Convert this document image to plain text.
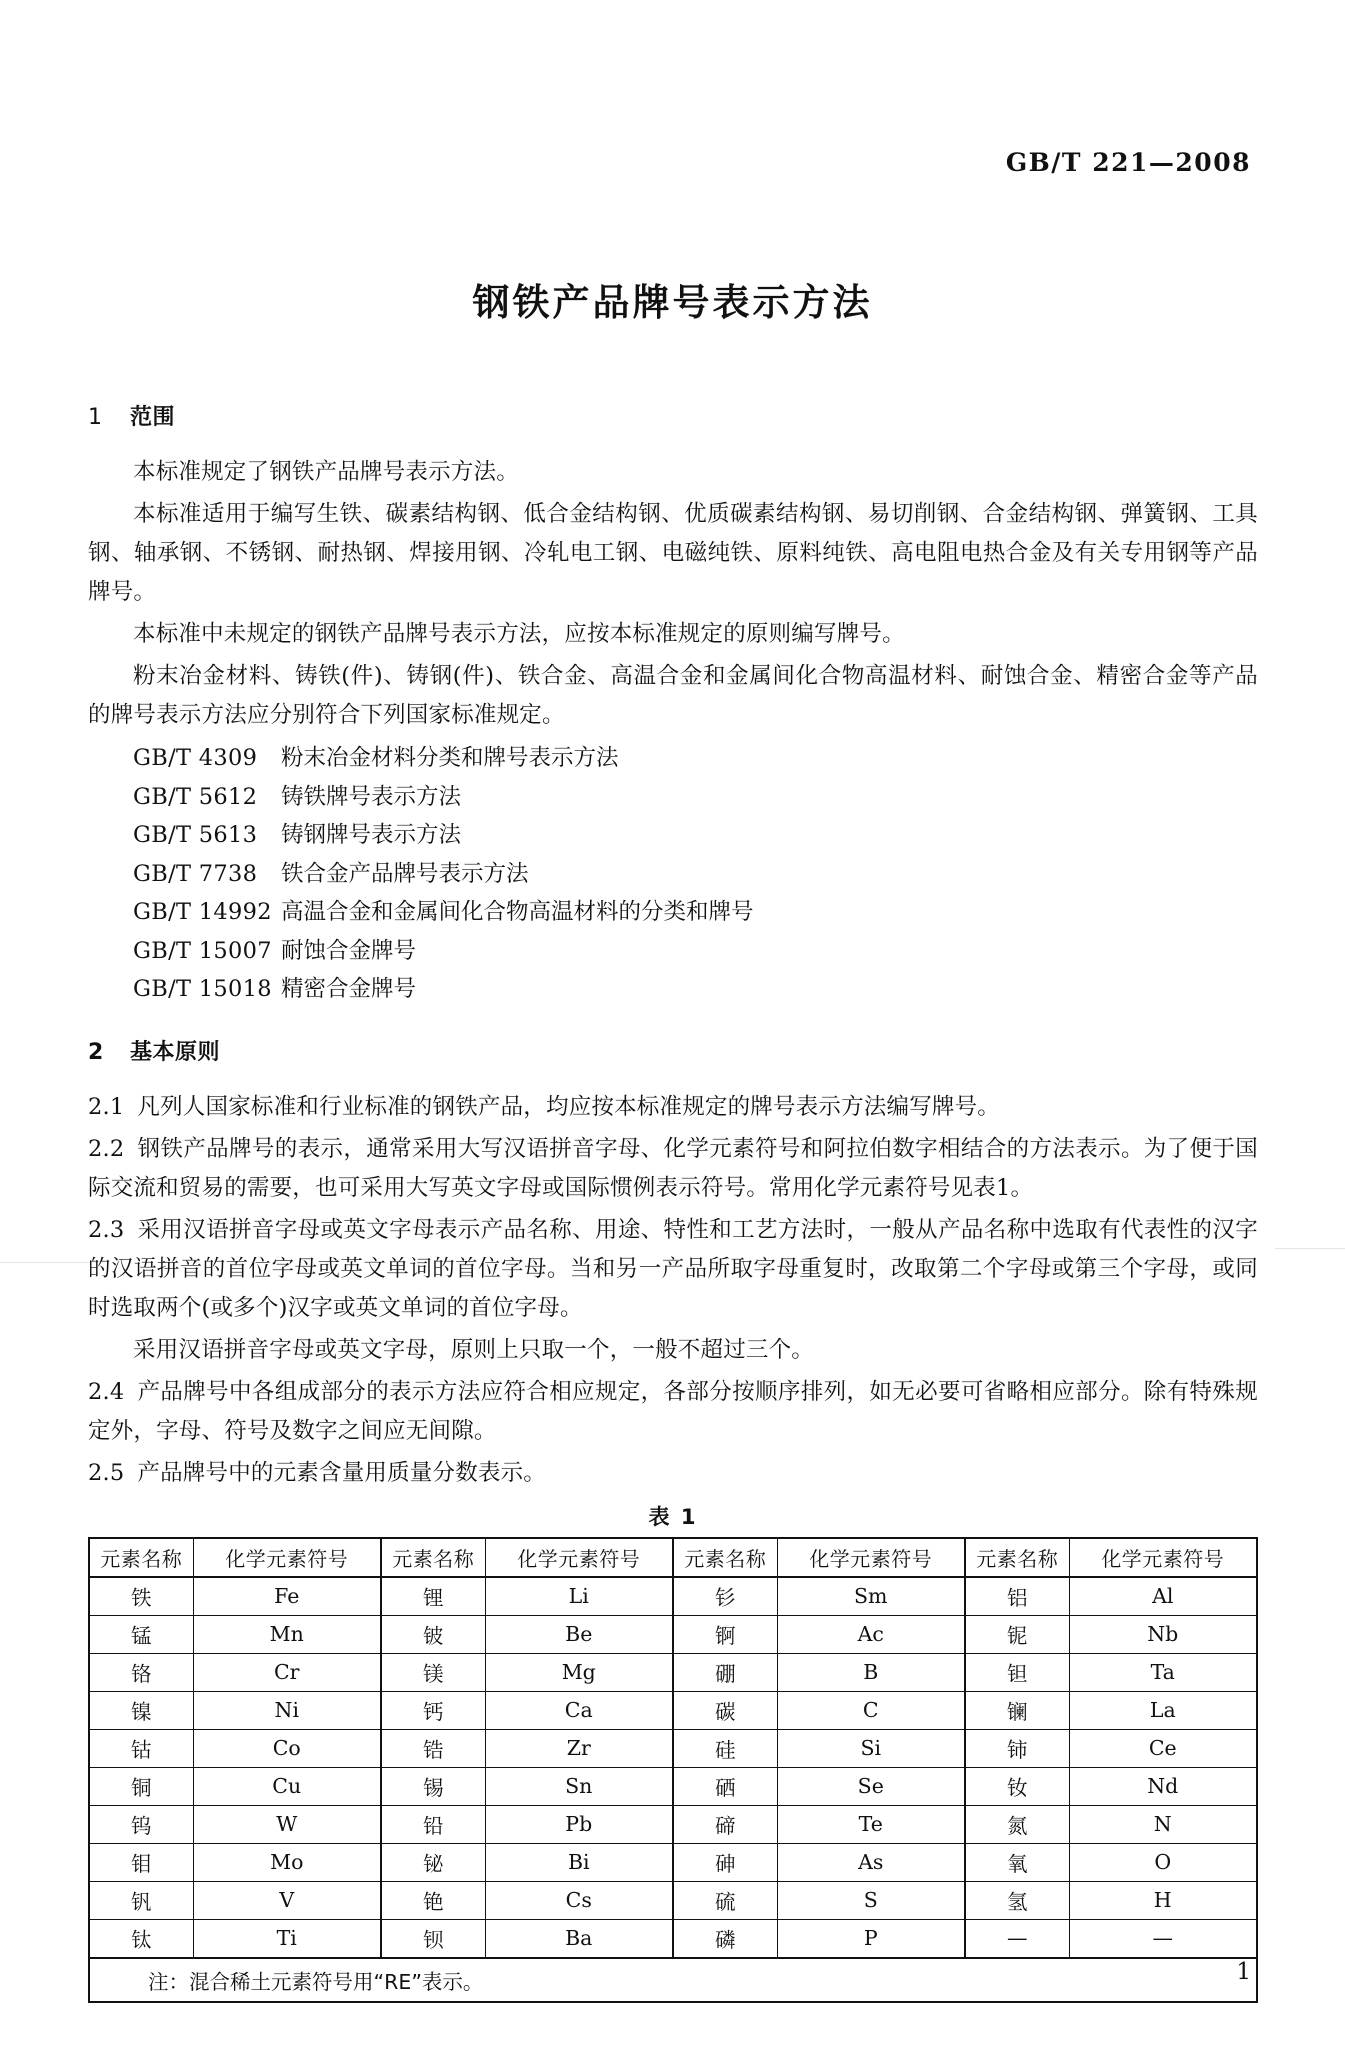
GB/T 221—2008
钢铁产品牌号表示方法
1 范围

本标准规定了钢铁产品牌号表示方法。

本标准适用于编写生铁、碳素结构钢、低合金结构钢、优质碳素结构钢、易切削钢、合金结构钢、弹簧钢、工具钢、轴承钢、不锈钢、耐热钢、焊接用钢、冷轧电工钢、电磁纯铁、原料纯铁、高电阻电热合金及有关专用钢等产品牌号。

本标准中未规定的钢铁产品牌号表示方法，应按本标准规定的原则编写牌号。

粉末冶金材料、铸铁(件)、铸钢(件)、铁合金、高温合金和金属间化合物高温材料、耐蚀合金、精密合金等产品的牌号表示方法应分别符合下列国家标准规定。

GB/T 4309 粉末冶金材料分类和牌号表示方法
GB/T 5612 铸铁牌号表示方法
GB/T 5613 铸钢牌号表示方法
GB/T 7738 铁合金产品牌号表示方法
GB/T 14992 高温合金和金属间化合物高温材料的分类和牌号
GB/T 15007 耐蚀合金牌号
GB/T 15018 精密合金牌号
2 基本原则

2.1 凡列人国家标准和行业标准的钢铁产品，均应按本标准规定的牌号表示方法编写牌号。

2.2 钢铁产品牌号的表示，通常采用大写汉语拼音字母、化学元素符号和阿拉伯数字相结合的方法表示。为了便于国际交流和贸易的需要，也可采用大写英文字母或国际惯例表示符号。常用化学元素符号见表1。

2.3 采用汉语拼音字母或英文字母表示产品名称、用途、特性和工艺方法时，一般从产品名称中选取有代表性的汉字的汉语拼音的首位字母或英文单词的首位字母。当和另一产品所取字母重复时，改取第二个字母或第三个字母，或同时选取两个(或多个)汉字或英文单词的首位字母。

采用汉语拼音字母或英文字母，原则上只取一个，一般不超过三个。

2.4 产品牌号中各组成部分的表示方法应符合相应规定，各部分按顺序排列，如无必要可省略相应部分。除有特殊规定外，字母、符号及数字之间应无间隙。

2.5 产品牌号中的元素含量用质量分数表示。

表 1
元素名称	化学元素符号	元素名称	化学元素符号	元素名称	化学元素符号	元素名称	化学元素符号
铁	Fe	锂	Li	钐	Sm	铝	Al
锰	Mn	铍	Be	锕	Ac	铌	Nb
铬	Cr	镁	Mg	硼	B	钽	Ta
镍	Ni	钙	Ca	碳	C	镧	La
钴	Co	锆	Zr	硅	Si	铈	Ce
铜	Cu	锡	Sn	硒	Se	钕	Nd
钨	W	铅	Pb	碲	Te	氮	N
钼	Mo	铋	Bi	砷	As	氧	O
钒	V	铯	Cs	硫	S	氢	H
钛	Ti	钡	Ba	磷	P	—	—
注：混合稀土元素符号用“RE”表示。								1
